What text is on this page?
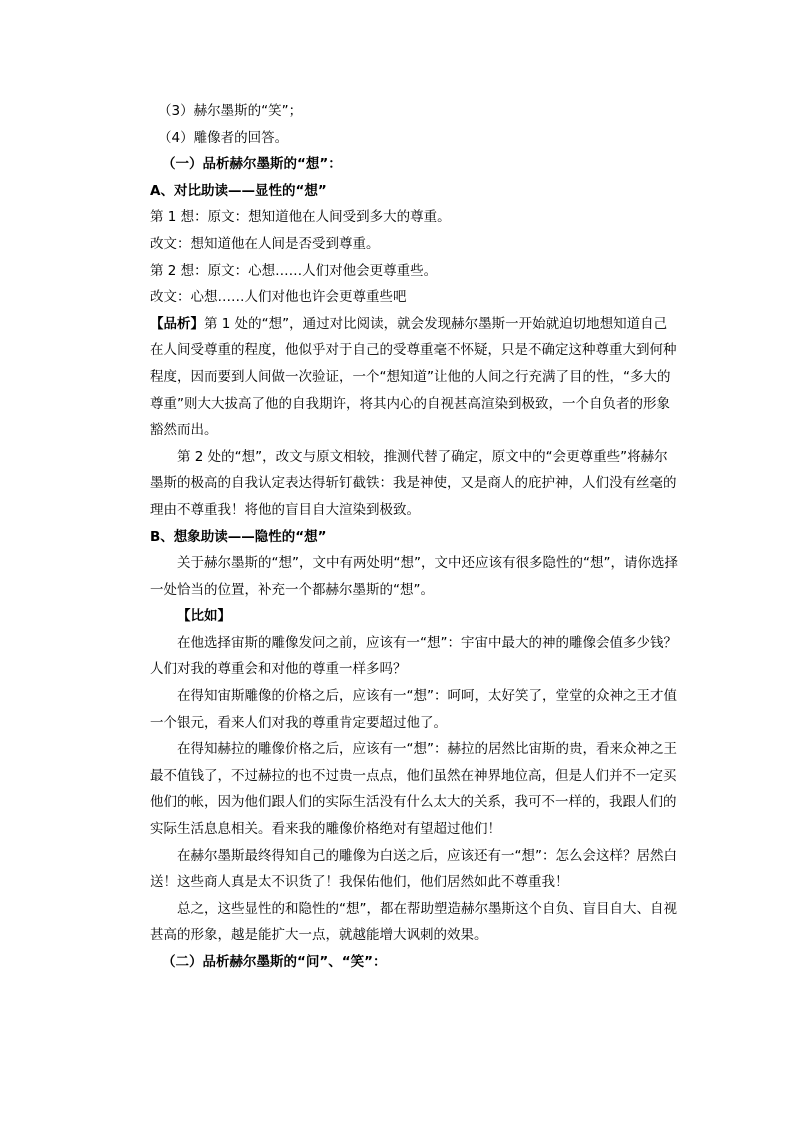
（3）赫尔墨斯的“笑”；

（4）雕像者的回答。

（一）品析赫尔墨斯的“想”：

A、对比助读——显性的“想”

第 1 想：原文：想知道他在人间受到多大的尊重。

改文：想知道他在人间是否受到尊重。

第 2 想：原文：心想……人们对他会更尊重些。

改文：心想……人们对他也许会更尊重些吧

【品析】第 1 处的“想”，通过对比阅读，就会发现赫尔墨斯一开始就迫切地想知道自己在人间受尊重的程度，他似乎对于自己的受尊重毫不怀疑，只是不确定这种尊重大到何种程度，因而要到人间做一次验证，一个“想知道”让他的人间之行充满了目的性，“多大的尊重”则大大拔高了他的自我期许，将其内心的自视甚高渲染到极致，一个自负者的形象豁然而出。

第 2 处的“想”，改文与原文相较，推测代替了确定，原文中的“会更尊重些”将赫尔墨斯的极高的自我认定表达得斩钉截铁：我是神使，又是商人的庇护神，人们没有丝毫的理由不尊重我！将他的盲目自大渲染到极致。

B、想象助读——隐性的“想”

关于赫尔墨斯的“想”，文中有两处明“想”，文中还应该有很多隐性的“想”，请你选择一处恰当的位置，补充一个都赫尔墨斯的“想”。

【比如】

在他选择宙斯的雕像发问之前，应该有一“想”：宇宙中最大的神的雕像会值多少钱？人们对我的尊重会和对他的尊重一样多吗？

在得知宙斯雕像的价格之后，应该有一“想”：呵呵，太好笑了，堂堂的众神之王才值一个银元，看来人们对我的尊重肯定要超过他了。

在得知赫拉的雕像价格之后，应该有一“想”：赫拉的居然比宙斯的贵，看来众神之王最不值钱了，不过赫拉的也不过贵一点点，他们虽然在神界地位高，但是人们并不一定买他们的帐，因为他们跟人们的实际生活没有什么太大的关系，我可不一样的，我跟人们的实际生活息息相关。看来我的雕像价格绝对有望超过他们！

在赫尔墨斯最终得知自己的雕像为白送之后，应该还有一“想”：怎么会这样？居然白送！这些商人真是太不识货了！我保佑他们，他们居然如此不尊重我！

总之，这些显性的和隐性的“想”，都在帮助塑造赫尔墨斯这个自负、盲目自大、自视甚高的形象，越是能扩大一点，就越能增大讽刺的效果。

（二）品析赫尔墨斯的“问”、“笑”：
